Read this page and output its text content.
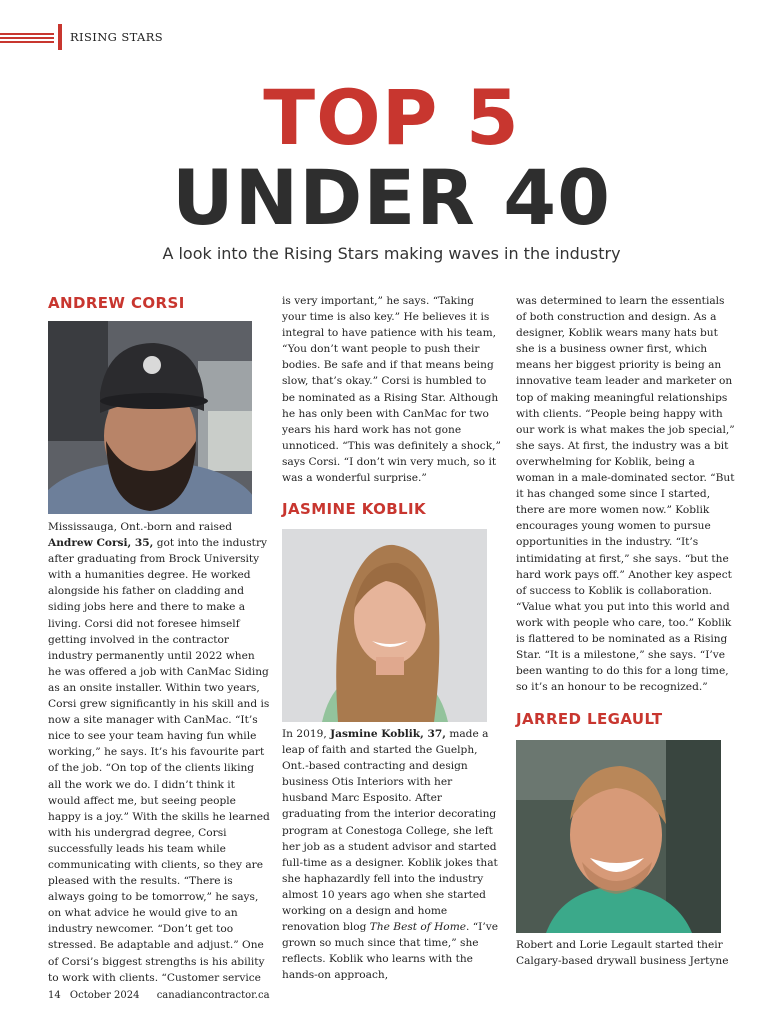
RISING STARS
TOP 5
UNDER 40
A look into the Rising Stars making waves in the industry
ANDREW CORSI

Mississauga, Ont.-born and raised Andrew Corsi, 35, got into the industry after graduating from Brock University with a humanities degree. He worked alongside his father on cladding and siding jobs here and there to make a living. Corsi did not foresee himself getting involved in the contractor industry permanently until 2022 when he was offered a job with CanMac Siding as an onsite installer. Within two years, Corsi grew significantly in his skill and is now a site manager with CanMac. “It’s nice to see your team having fun while working,” he says. It’s his favourite part of the job. “On top of the clients liking all the work we do. I didn’t think it would affect me, but seeing people happy is a joy.” With the skills he learned with his undergrad degree, Corsi successfully leads his team while communicating with clients, so they are pleased with the results. “There is always going to be tomorrow,” he says, on what advice he would give to an industry newcomer. “Don’t get too stressed. Be adaptable and adjust.” One of Corsi’s biggest strengths is his ability to work with clients. “Customer service

is very important,” he says. “Taking your time is also key.” He believes it is integral to have patience with his team, “You don’t want people to push their bodies. Be safe and if that means being slow, that’s okay.” Corsi is humbled to be nominated as a Rising Star. Although he has only been with CanMac for two years his hard work has not gone unnoticed. “This was definitely a shock,” says Corsi. “I don’t win very much, so it was a wonderful surprise.”

JASMINE KOBLIK

In 2019, Jasmine Koblik, 37, made a leap of faith and started the Guelph, Ont.-based contracting and design business Otis Interiors with her husband Marc Esposito. After graduating from the interior decorating program at Conestoga College, she left her job as a student advisor and started full-time as a designer. Koblik jokes that she haphazardly fell into the industry almost 10 years ago when she started working on a design and home renovation blog The Best of Home. “I’ve grown so much since that time,” she reflects. Koblik who learns with the hands-on approach,

was determined to learn the essentials of both construction and design. As a designer, Koblik wears many hats but she is a business owner first, which means her biggest priority is being an innovative team leader and marketer on top of making meaningful relationships with clients. “People being happy with our work is what makes the job special,” she says. At first, the industry was a bit overwhelming for Koblik, being a woman in a male-dominated sector. “But it has changed some since I started, there are more women now.” Koblik encourages young women to pursue opportunities in the industry. “It’s intimidating at first,” she says. “but the hard work pays off.” Another key aspect of success to Koblik is collaboration. “Value what you put into this world and work with people who care, too.” Koblik is flattered to be nominated as a Rising Star. “It is a milestone,” she says. “I’ve been wanting to do this for a long time, so it’s an honour to be recognized.”

JARRED LEGAULT

Robert and Lorie Legault started their Calgary-based drywall business Jertyne

14 October 2024 canadiancontractor.ca
